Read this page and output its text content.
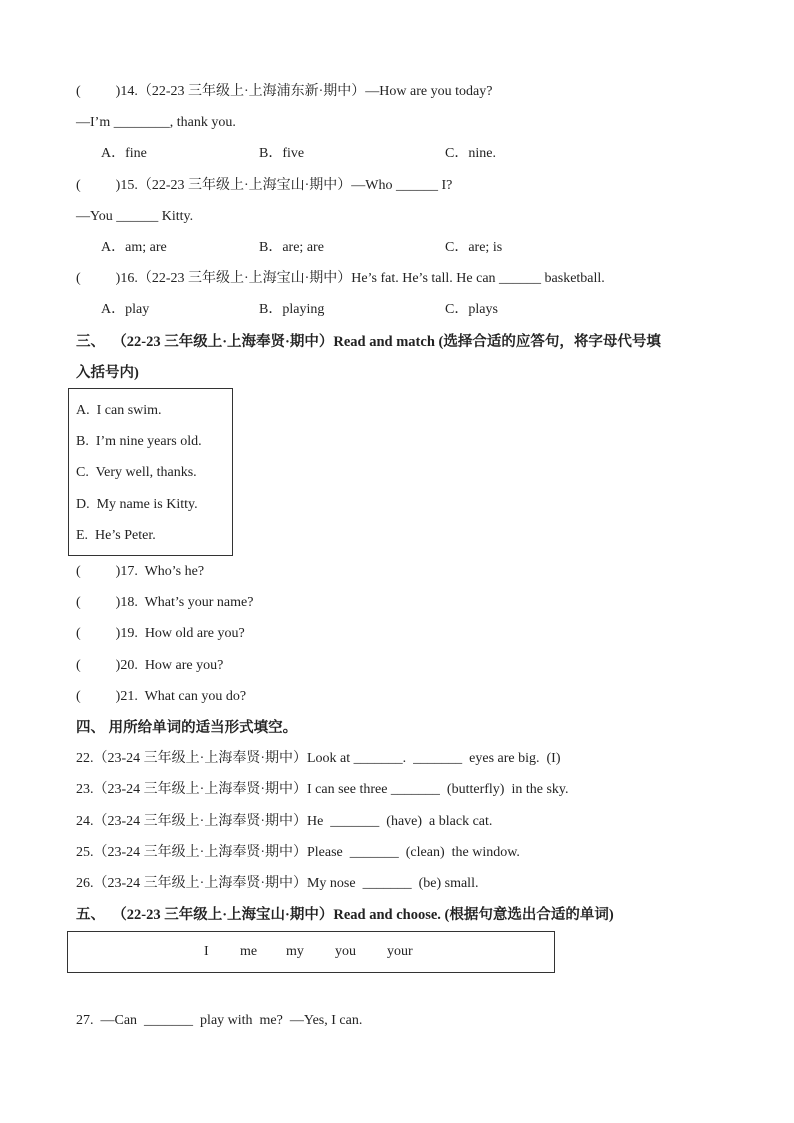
(          )14.（22-23 三年级上·上海浦东新·期中）—How are you today?
—I’m ________, thank you.
A．fine	B．five	C．nine.
(          )15.（22-23 三年级上·上海宝山·期中）—Who ______ I?
—You ______ Kitty.
A．am; are	B．are; are	C．are; is
(          )16.（22-23 三年级上·上海宝山·期中）He’s fat. He’s tall. He can ______ basketball.
A．play	B．playing	C．plays
三、  （22-23 三年级上·上海奉贤·期中）Read and match (选择合适的应答句，将字母代号填
入括号内)
A.  I can swim.
B.  I’m nine years old.
C.  Very well, thanks.
D.  My name is Kitty.
E.  He’s Peter.
(          )17.  Who’s he?
(          )18.  What’s your name?
(          )19.  How old are you?
(          )20.  How are you?
(          )21.  What can you do?
四、 用所给单词的适当形式填空。
22.（23-24 三年级上·上海奉贤·期中）Look at _______.  _______  eyes are big.  (I)
23.（23-24 三年级上·上海奉贤·期中）I can see three _______  (butterfly)  in the sky.
24.（23-24 三年级上·上海奉贤·期中）He  _______  (have)  a black cat.
25.（23-24 三年级上·上海奉贤·期中）Please  _______  (clean)  the window.
26.（23-24 三年级上·上海奉贤·期中）My nose  _______  (be) small.
五、  （22-23 三年级上·上海宝山·期中）Read and choose. (根据句意选出合适的单词)
I me my you your
27.  —Can  _______  play with  me?  —Yes, I can.
